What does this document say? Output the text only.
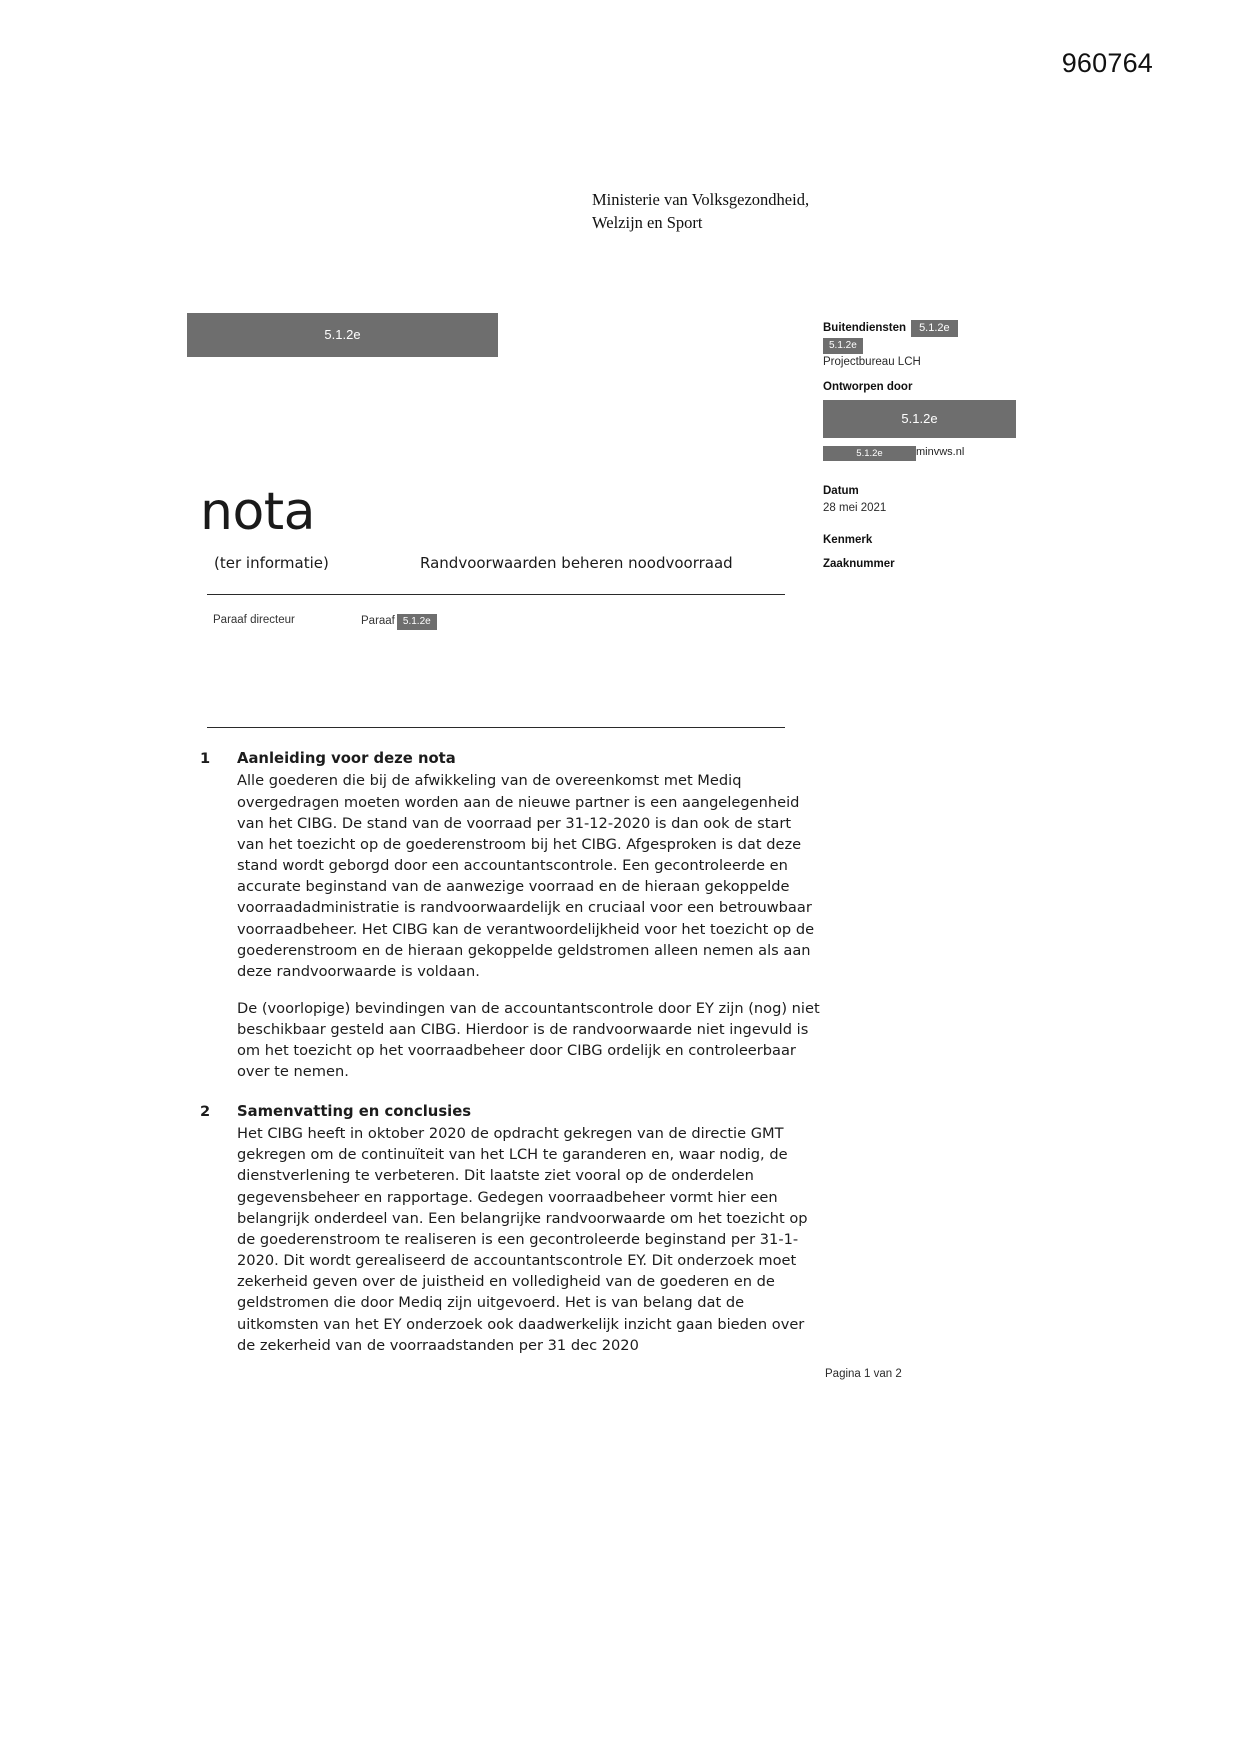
960764
Ministerie van Volksgezondheid,
Welzijn en Sport
5.1.2e	Buitendiensten	5.1.2e
5.1.2e
Projectbureau LCH
Ontworpen door
5.1.2e
5.1.2e	minvws.nl
Datum
28 mei 2021
Kenmerk
Zaaknummer
nota
(ter informatie)	Randvoorwaarden beheren noodvoorraad
Paraaf directeur	Paraaf 5.1.2e
1 Aanleiding voor deze nota

Alle goederen die bij de afwikkeling van de overeenkomst met Mediq overgedragen moeten worden aan de nieuwe partner is een aangelegenheid van het CIBG. De stand van de voorraad per 31-12-2020 is dan ook de start van het toezicht op de goederenstroom bij het CIBG. Afgesproken is dat deze stand wordt geborgd door een accountantscontrole. Een gecontroleerde en accurate beginstand van de aanwezige voorraad en de hieraan gekoppelde voorraadadministratie is randvoorwaardelijk en cruciaal voor een betrouwbaar voorraadbeheer. Het CIBG kan de verantwoordelijkheid voor het toezicht op de goederenstroom en de hieraan gekoppelde geldstromen alleen nemen als aan deze randvoorwaarde is voldaan.

De (voorlopige) bevindingen van de accountantscontrole door EY zijn (nog) niet beschikbaar gesteld aan CIBG. Hierdoor is de randvoorwaarde niet ingevuld is om het toezicht op het voorraadbeheer door CIBG ordelijk en controleerbaar over te nemen.

2 Samenvatting en conclusies

Het CIBG heeft in oktober 2020 de opdracht gekregen van de directie GMT gekregen om de continuïteit van het LCH te garanderen en, waar nodig, de dienstverlening te verbeteren. Dit laatste ziet vooral op de onderdelen gegevensbeheer en rapportage. Gedegen voorraadbeheer vormt hier een belangrijk onderdeel van. Een belangrijke randvoorwaarde om het toezicht op de goederenstroom te realiseren is een gecontroleerde beginstand per 31-1-2020. Dit wordt gerealiseerd de accountantscontrole EY. Dit onderzoek moet zekerheid geven over de juistheid en volledigheid van de goederen en de geldstromen die door Mediq zijn uitgevoerd. Het is van belang dat de uitkomsten van het EY onderzoek ook daadwerkelijk inzicht gaan bieden over de zekerheid van de voorraadstanden per 31 dec 2020

Pagina 1 van 2
